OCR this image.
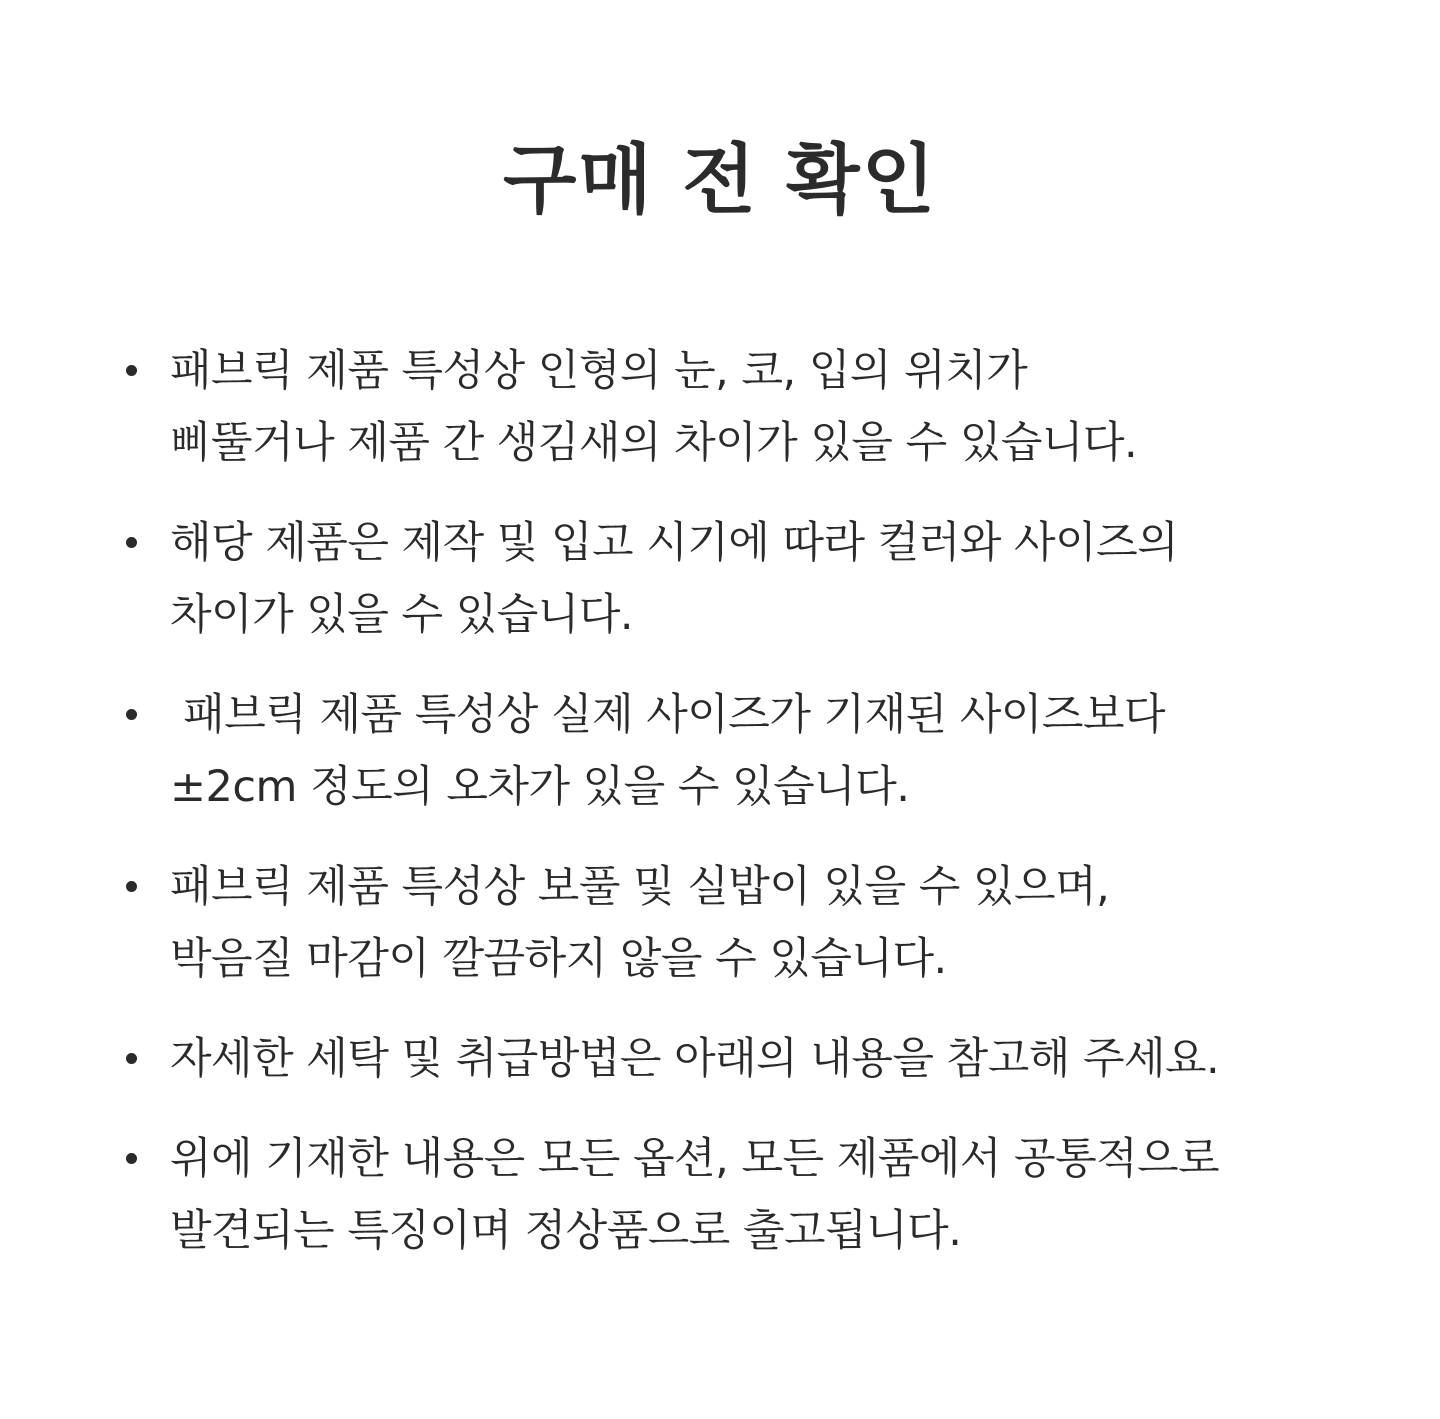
구매 전 확인
패브릭 제품 특성상 인형의 눈, 코, 입의 위치가
삐뚤거나 제품 간 생김새의 차이가 있을 수 있습니다.
해당 제품은 제작 및 입고 시기에 따라 컬러와 사이즈의
차이가 있을 수 있습니다.
패브릭 제품 특성상 실제 사이즈가 기재된 사이즈보다
±2cm 정도의 오차가 있을 수 있습니다.
패브릭 제품 특성상 보풀 및 실밥이 있을 수 있으며,
박음질 마감이 깔끔하지 않을 수 있습니다.
자세한 세탁 및 취급방법은 아래의 내용을 참고해 주세요.
위에 기재한 내용은 모든 옵션, 모든 제품에서 공통적으로
발견되는 특징이며 정상품으로 출고됩니다.
